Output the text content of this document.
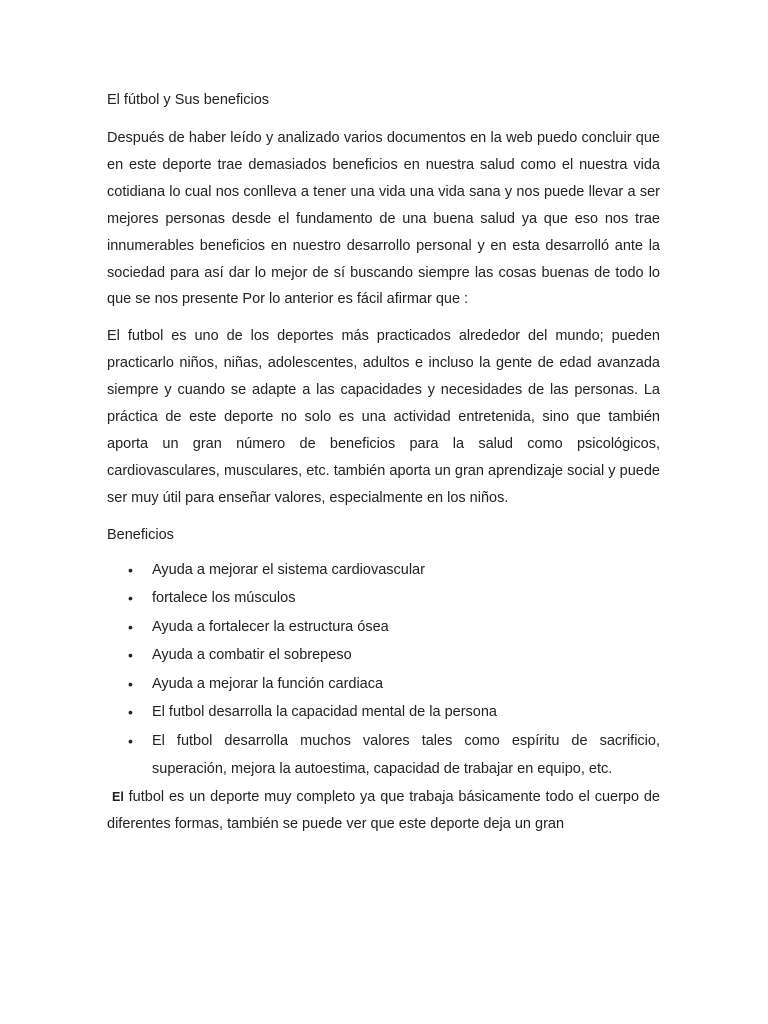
El fútbol y Sus beneficios

Después de haber leído y analizado varios documentos en la web puedo concluir que en este deporte trae demasiados beneficios en nuestra salud como el nuestra vida cotidiana lo cual nos conlleva a tener una vida una vida sana y nos puede llevar a ser mejores personas desde el fundamento de una buena salud ya que eso nos trae innumerables beneficios en nuestro desarrollo personal y en esta desarrolló ante la sociedad para así dar lo mejor de sí buscando siempre las cosas buenas de todo lo que se nos presente Por lo anterior es fácil afirmar que :

El futbol es uno de los deportes más practicados alrededor del mundo; pueden practicarlo niños, niñas, adolescentes, adultos e incluso la gente de edad avanzada siempre y cuando se adapte a las capacidades y necesidades de las personas. La práctica de este deporte no solo es una actividad entretenida, sino que también aporta un gran número de beneficios para la salud como psicológicos, cardiovasculares, musculares, etc. también aporta un gran aprendizaje social y puede ser muy útil para enseñar valores, especialmente en los niños.

Beneficios
• Ayuda a mejorar el sistema cardiovascular
• fortalece los músculos
• Ayuda a fortalecer la estructura ósea
• Ayuda a combatir el sobrepeso
• Ayuda a mejorar la función cardiaca
• El futbol desarrolla la capacidad mental de la persona
• El futbol desarrolla muchos valores tales como espíritu de sacrificio, superación, mejora la autoestima, capacidad de trabajar en equipo, etc.

El futbol es un deporte muy completo ya que trabaja básicamente todo el cuerpo de diferentes formas, también se puede ver que este deporte deja un gran
